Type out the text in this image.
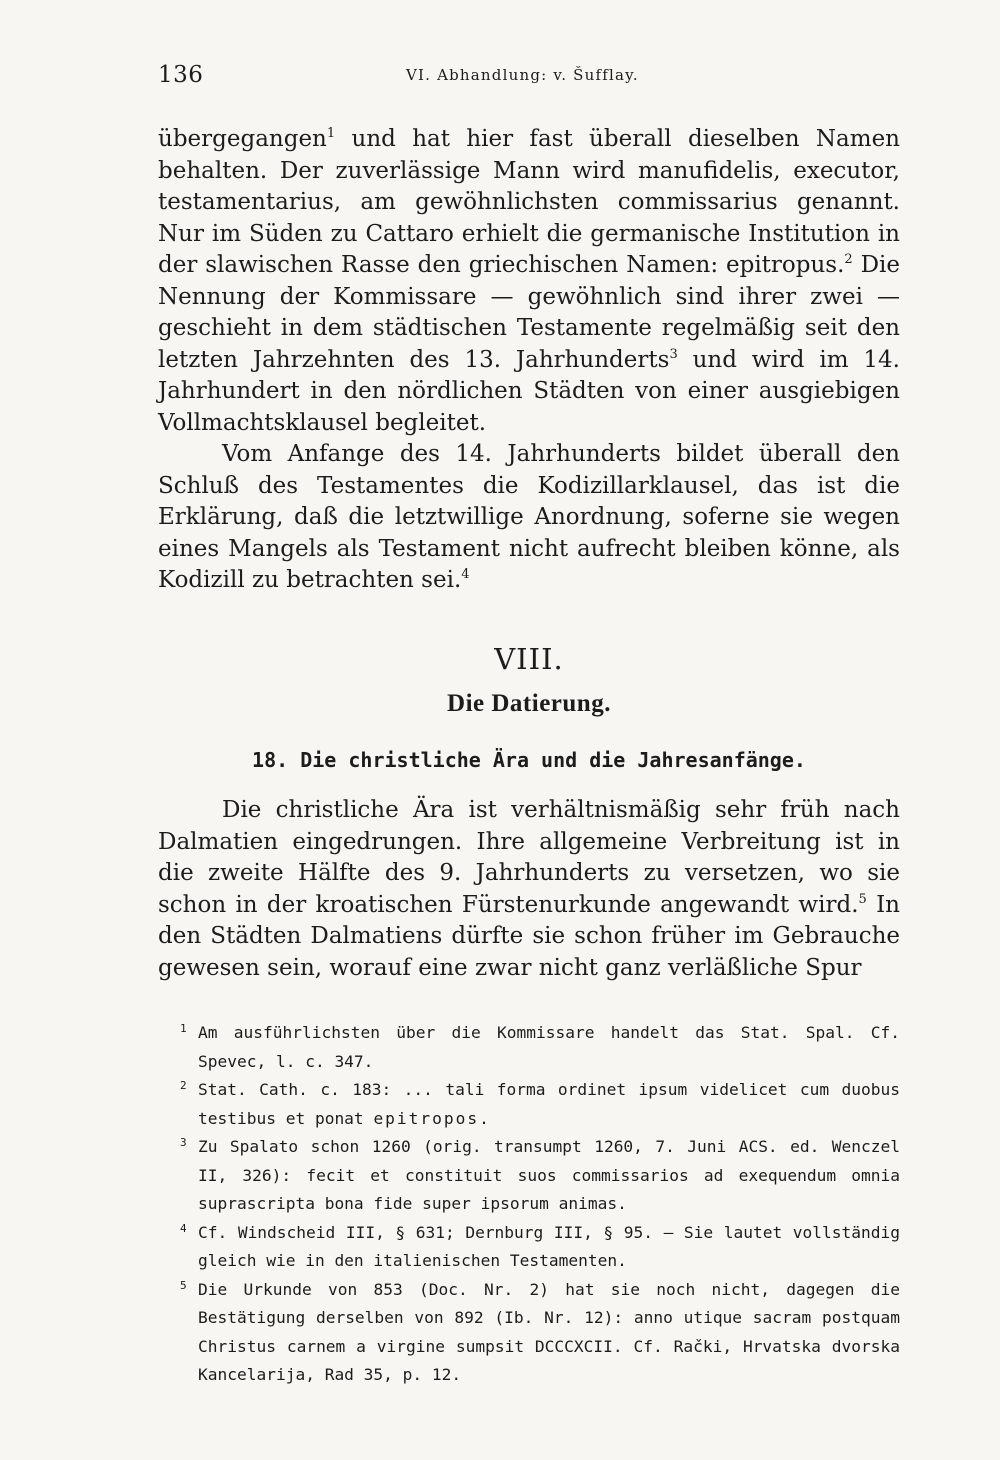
136	VI. Abhandlung: v. Šufflay.

übergegangen$^1$ und hat hier fast überall dieselben Namen behalten. Der zuverlässige Mann wird manufidelis, executor, testamentarius, am gewöhnlichsten commissarius genannt. Nur im Süden zu Cattaro erhielt die germanische Institution in der slawischen Rasse den griechischen Namen: epitropus.$^2$ Die Nennung der Kommissare — gewöhnlich sind ihrer zwei — geschieht in dem städtischen Testamente regelmäßig seit den letzten Jahrzehnten des 13. Jahrhunderts$^3$ und wird im 14. Jahrhundert in den nördlichen Städten von einer ausgiebigen Vollmachtsklausel begleitet.

Vom Anfange des 14. Jahrhunderts bildet überall den Schluß des Testamentes die Kodizillarklausel, das ist die Erklärung, daß die letztwillige Anordnung, soferne sie wegen eines Mangels als Testament nicht aufrecht bleiben könne, als Kodizill zu betrachten sei.$^4$

VIII.
Die Datierung.
18. Die christliche Ära und die Jahresanfänge.

Die christliche Ära ist verhältnismäßig sehr früh nach Dalmatien eingedrungen. Ihre allgemeine Verbreitung ist in die zweite Hälfte des 9. Jahrhunderts zu versetzen, wo sie schon in der kroatischen Fürstenurkunde angewandt wird.$^5$ In den Städten Dalmatiens dürfte sie schon früher im Gebrauche gewesen sein, worauf eine zwar nicht ganz verläßliche Spur

1 Am ausführlichsten über die Kommissare handelt das Stat. Spal. Cf. Spevec, l. c. 347.
2 Stat. Cath. c. 183: ... tali forma ordinet ipsum videlicet cum duobus testibus et ponat epitropos.
3 Zu Spalato schon 1260 (orig. transumpt 1260, 7. Juni ACS. ed. Wenczel II, 326): fecit et constituit suos commissarios ad exequendum omnia suprascripta bona fide super ipsorum animas.
4 Cf. Windscheid III, § 631; Dernburg III, § 95. — Sie lautet vollständig gleich wie in den italienischen Testamenten.
5 Die Urkunde von 853 (Doc. Nr. 2) hat sie noch nicht, dagegen die Bestätigung derselben von 892 (Ib. Nr. 12): anno utique sacram postquam Christus carnem a virgine sumpsit DCCCXCII. Cf. Rački, Hrvatska dvorska Kancelarija, Rad 35, p. 12.
